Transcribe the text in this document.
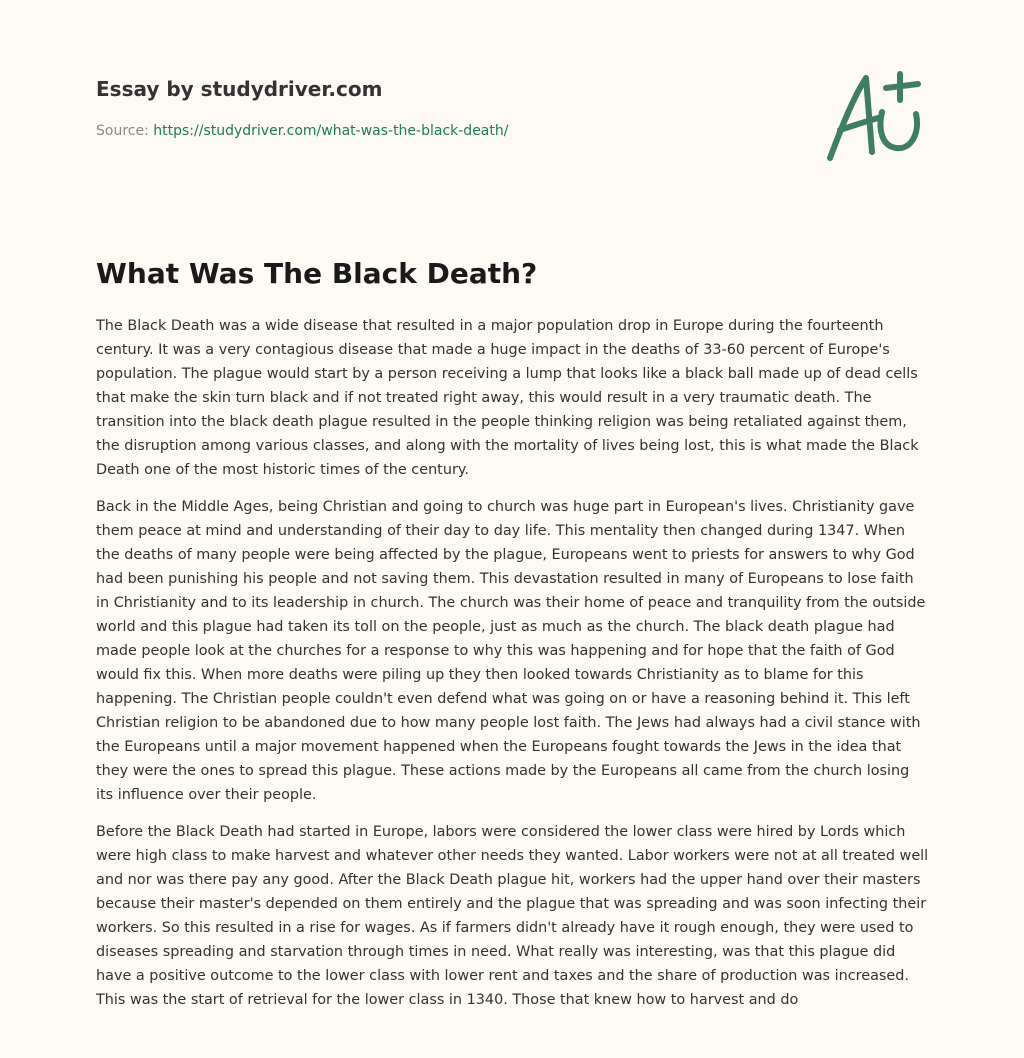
Essay by studydriver.com
Source: https://studydriver.com/what-was-the-black-death/
What Was The Black Death?

The Black Death was a wide disease that resulted in a major population drop in Europe during the fourteenth century. It was a very contagious disease that made a huge impact in the deaths of 33-60 percent of Europe's population. The plague would start by a person receiving a lump that looks like a black ball made up of dead cells that make the skin turn black and if not treated right away, this would result in a very traumatic death. The transition into the black death plague resulted in the people thinking religion was being retaliated against them, the disruption among various classes, and along with the mortality of lives being lost, this is what made the Black Death one of the most historic times of the century.

Back in the Middle Ages, being Christian and going to church was huge part in European's lives. Christianity gave them peace at mind and understanding of their day to day life. This mentality then changed during 1347. When the deaths of many people were being affected by the plague, Europeans went to priests for answers to why God had been punishing his people and not saving them. This devastation resulted in many of Europeans to lose faith in Christianity and to its leadership in church. The church was their home of peace and tranquility from the outside world and this plague had taken its toll on the people, just as much as the church. The black death plague had made people look at the churches for a response to why this was happening and for hope that the faith of God would fix this. When more deaths were piling up they then looked towards Christianity as to blame for this happening. The Christian people couldn't even defend what was going on or have a reasoning behind it. This left Christian religion to be abandoned due to how many people lost faith. The Jews had always had a civil stance with the Europeans until a major movement happened when the Europeans fought towards the Jews in the idea that they were the ones to spread this plague. These actions made by the Europeans all came from the church losing its influence over their people.

Before the Black Death had started in Europe, labors were considered the lower class were hired by Lords which were high class to make harvest and whatever other needs they wanted. Labor workers were not at all treated well and nor was there pay any good. After the Black Death plague hit, workers had the upper hand over their masters because their master's depended on them entirely and the plague that was spreading and was soon infecting their workers. So this resulted in a rise for wages. As if farmers didn't already have it rough enough, they were used to diseases spreading and starvation through times in need. What really was interesting, was that this plague did have a positive outcome to the lower class with lower rent and taxes and the share of production was increased. This was the start of retrieval for the lower class in 1340. Those that knew how to harvest and do
